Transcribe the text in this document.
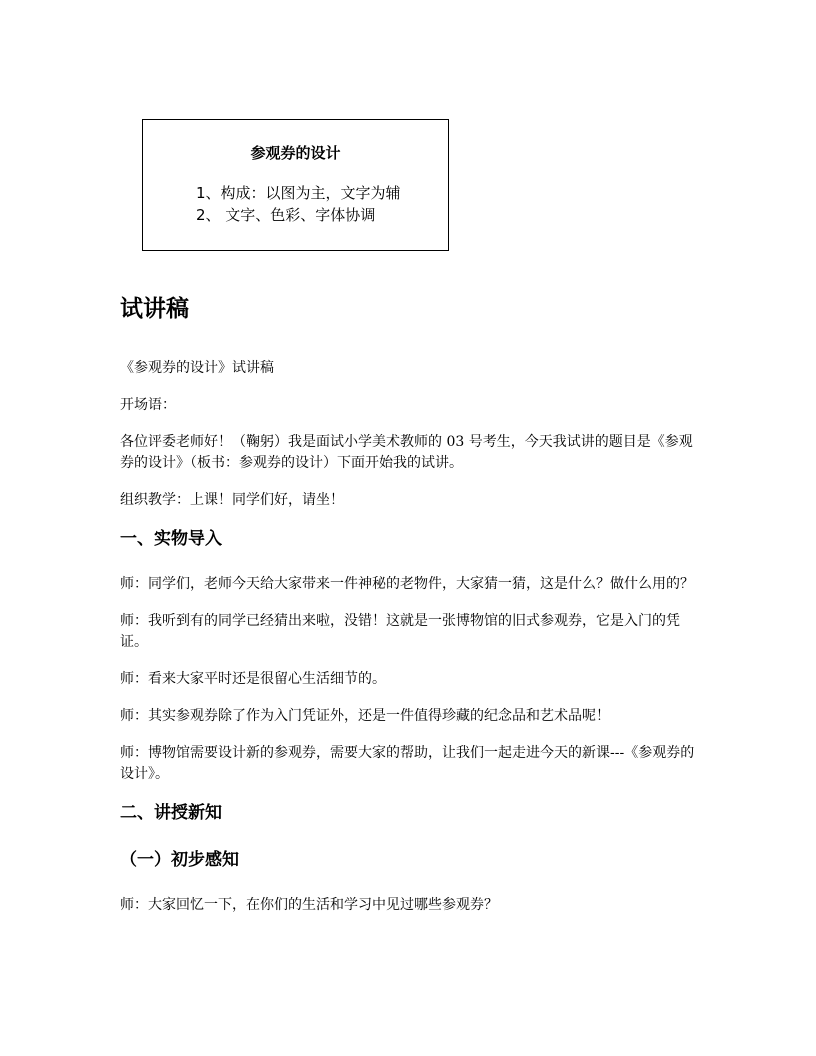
参观券的设计
1、构成：以图为主，文字为辅
2、 文字、色彩、字体协调
试讲稿

《参观券的设计》试讲稿

开场语：

各位评委老师好！（鞠躬）我是面试小学美术教师的 03 号考生，今天我试讲的题目是《参观券的设计》（板书：参观券的设计）下面开始我的试讲。

组织教学：上课！同学们好，请坐！

一、实物导入

师：同学们，老师今天给大家带来一件神秘的老物件，大家猜一猜，这是什么？做什么用的？

师：我听到有的同学已经猜出来啦，没错！这就是一张博物馆的旧式参观券，它是入门的凭证。

师：看来大家平时还是很留心生活细节的。

师：其实参观券除了作为入门凭证外，还是一件值得珍藏的纪念品和艺术品呢！

师：博物馆需要设计新的参观券，需要大家的帮助，让我们一起走进今天的新课---《参观券的设计》。

二、讲授新知
（一）初步感知

师：大家回忆一下，在你们的生活和学习中见过哪些参观券？
